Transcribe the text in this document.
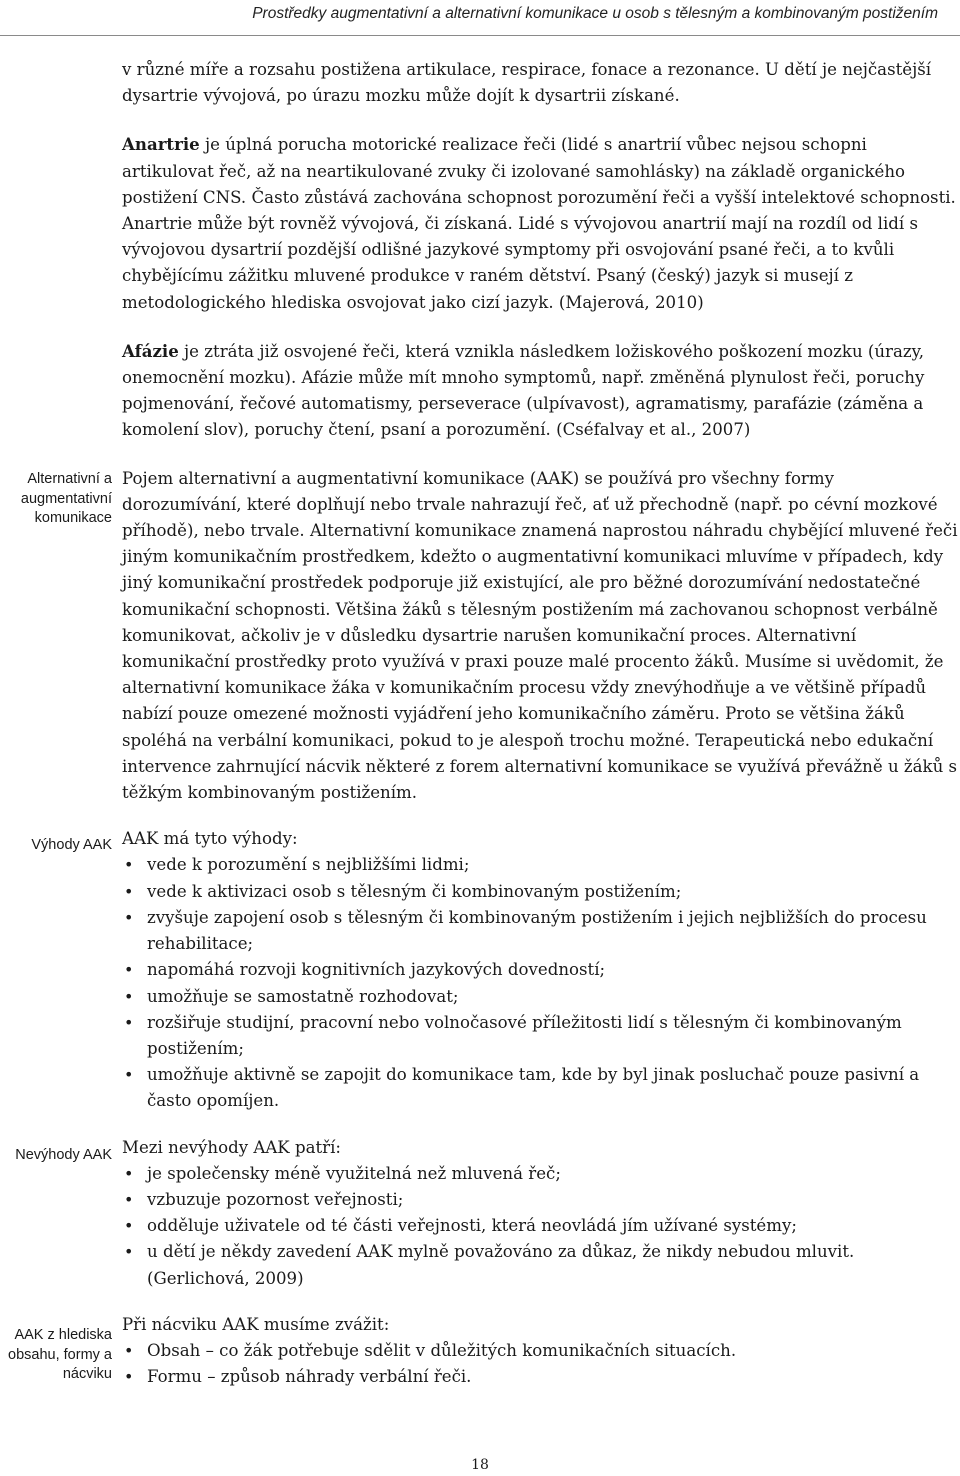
Prostředky augmentativní a alternativní komunikace u osob s tělesným a kombinovaným postižením
Alternativní a augmentativní komunikace
Výhody AAK
Nevýhody AAK
AAK z hlediska obsahu, formy a nácviku

v různé míře a rozsahu postižena artikulace, respirace, fonace a rezonance. U dětí je nejčastější dysartrie vývojová, po úrazu mozku může dojít k dysartrii získané.

Anartrie je úplná porucha motorické realizace řeči (lidé s anartrií vůbec nejsou schopni artikulovat řeč, až na neartikulované zvuky či izolované samohlásky) na základě organického postižení CNS. Často zůstává zachována schopnost porozumění řeči a vyšší intelektové schopnosti. Anartrie může být rovněž vývojová, či získaná. Lidé s vývojovou anartrií mají na rozdíl od lidí s vývojovou dysartrií pozdější odlišné jazykové symptomy při osvojování psané řeči, a to kvůli chybějícímu zážitku mluvené produkce v raném dětství. Psaný (český) jazyk si musejí z metodologického hlediska osvojovat jako cizí jazyk. (Majerová, 2010)

Afázie je ztráta již osvojené řeči, která vznikla následkem ložiskového poškození mozku (úrazy, onemocnění mozku). Afázie může mít mnoho symptomů, např. změněná plynulost řeči, poruchy pojmenování, řečové automatismy, perseverace (ulpívavost), agramatismy, parafázie (záměna a komolení slov), poruchy čtení, psaní a porozumění. (Cséfalvay et al., 2007)

Pojem alternativní a augmentativní komunikace (AAK) se používá pro všechny formy dorozumívání, které doplňují nebo trvale nahrazují řeč, ať už přechodně (např. po cévní mozkové příhodě), nebo trvale. Alternativní komunikace znamená naprostou náhradu chybějící mluvené řeči jiným komunikačním prostředkem, kdežto o augmentativní komunikaci mluvíme v případech, kdy jiný komunikační prostředek podporuje již existující, ale pro běžné dorozumívání nedostatečné komunikační schopnosti. Většina žáků s tělesným postižením má zachovanou schopnost verbálně komunikovat, ačkoliv je v důsledku dysartrie narušen komunikační proces. Alternativní komunikační prostředky proto využívá v praxi pouze malé procento žáků. Musíme si uvědomit, že alternativní komunikace žáka v komunikačním procesu vždy znevýhodňuje a ve většině případů nabízí pouze omezené možnosti vyjádření jeho komunikačního záměru. Proto se většina žáků spoléhá na verbální komunikaci, pokud to je alespoň trochu možné. Terapeutická nebo edukační intervence zahrnující nácvik některé z forem alternativní komunikace se využívá převážně u žáků s těžkým kombinovaným postižením.

AAK má tyto výhody:

• vede k porozumění s nejbližšími lidmi;
• vede k aktivizaci osob s tělesným či kombinovaným postižením;
• zvyšuje zapojení osob s tělesným či kombinovaným postižením i jejich nejbližších do procesu rehabilitace;
• napomáhá rozvoji kognitivních jazykových dovedností;
• umožňuje se samostatně rozhodovat;
• rozšiřuje studijní, pracovní nebo volnočasové příležitosti lidí s tělesným či kombinovaným postižením;
• umožňuje aktivně se zapojit do komunikace tam, kde by byl jinak posluchač pouze pasivní a často opomíjen.

Mezi nevýhody AAK patří:

• je společensky méně využitelná než mluvená řeč;
• vzbuzuje pozornost veřejnosti;
• odděluje uživatele od té části veřejnosti, která neovládá jím užívané systémy;
• u dětí je někdy zavedení AAK mylně považováno za důkaz, že nikdy nebudou mluvit. (Gerlichová, 2009)

Při nácviku AAK musíme zvážit:

• Obsah – co žák potřebuje sdělit v důležitých komunikačních situacích.
• Formu – způsob náhrady verbální řeči.
18
